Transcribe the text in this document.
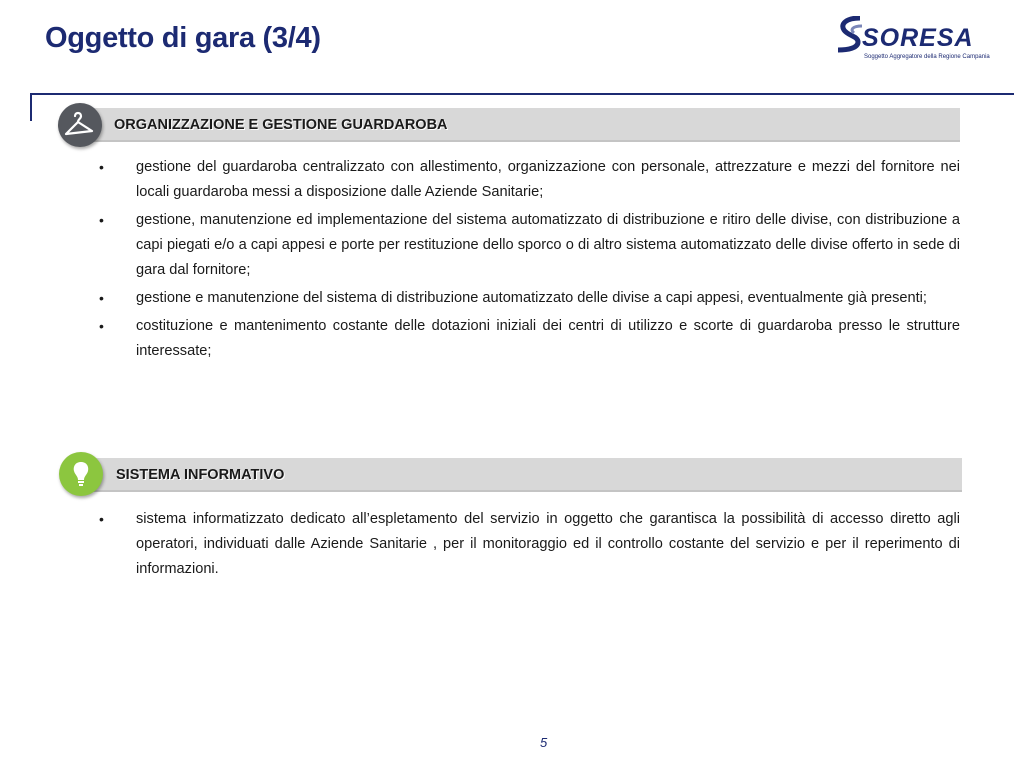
Oggetto di gara (3/4)	SORESA
Soggetto Aggregatore della Regione Campania
ORGANIZZAZIONE E GESTIONE GUARDAROBA
• gestione del guardaroba centralizzato con allestimento, organizzazione con personale, attrezzature e mezzi del fornitore nei locali guardaroba messi a disposizione dalle Aziende Sanitarie;
• gestione, manutenzione ed implementazione del sistema automatizzato di distribuzione e ritiro delle divise, con distribuzione a capi piegati e/o a capi appesi e porte per restituzione dello sporco o di altro sistema automatizzato delle divise offerto in sede di gara dal fornitore;
• gestione e manutenzione del sistema di distribuzione automatizzato delle divise a capi appesi, eventualmente già presenti;
• costituzione e mantenimento costante delle dotazioni iniziali dei centri di utilizzo e scorte di guardaroba presso le strutture interessate;
SISTEMA INFORMATIVO
• sistema informatizzato dedicato all’espletamento del servizio in oggetto che garantisca la possibilità di accesso diretto agli operatori, individuati dalle Aziende Sanitarie , per il monitoraggio ed il controllo costante del servizio e per il reperimento di informazioni.
5
